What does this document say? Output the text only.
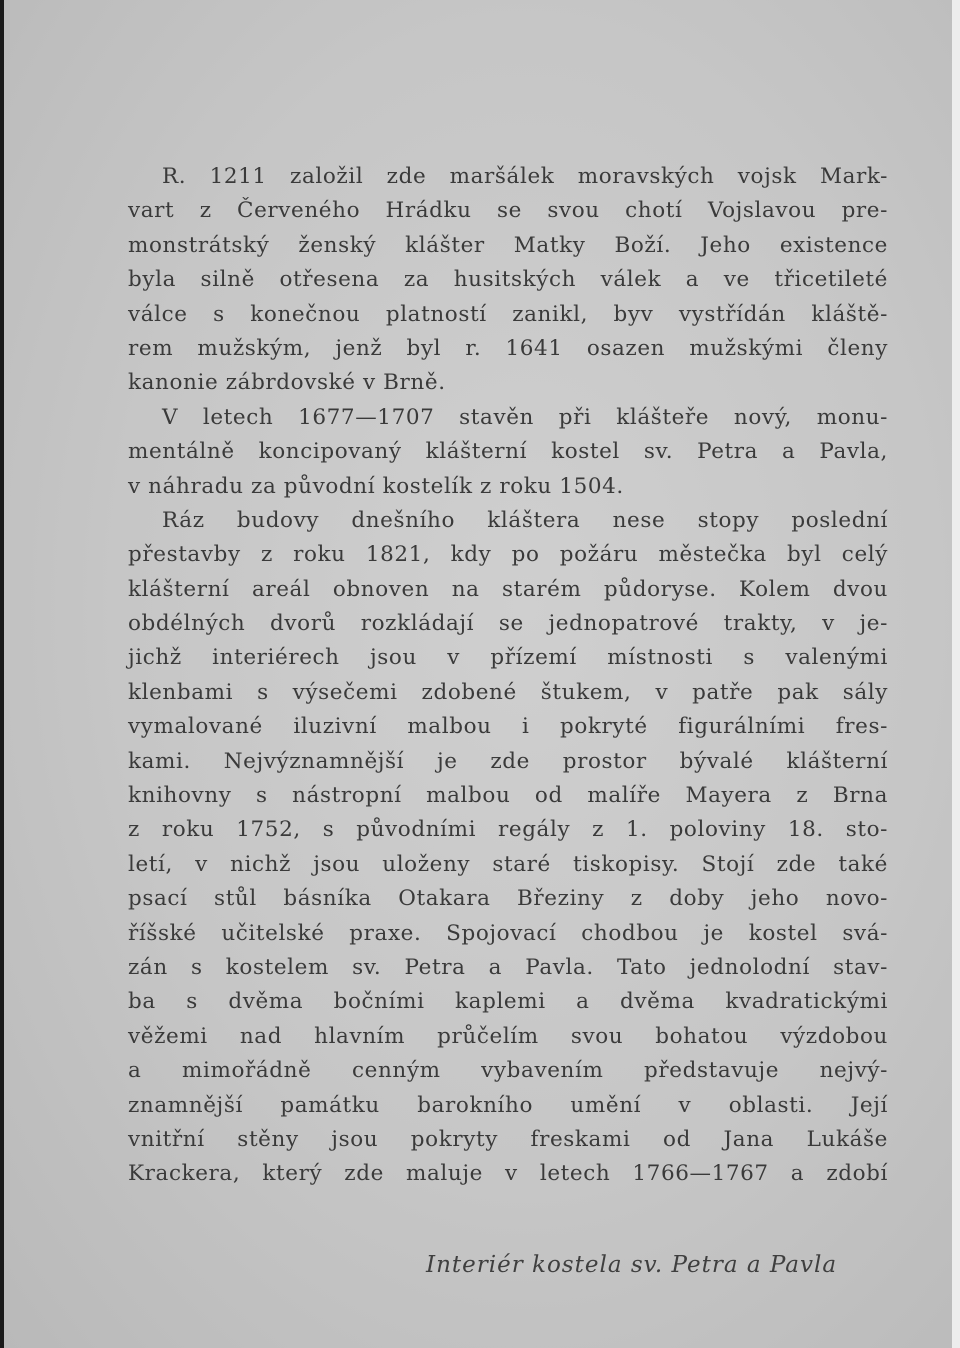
R. 1211 založil zde maršálek moravských vojsk Mark-
vart z Červeného Hrádku se svou chotí Vojslavou pre-
monstrátský ženský klášter Matky Boží. Jeho existence
byla silně otřesena za husitských válek a ve třicetileté
válce s konečnou platností zanikl, byv vystřídán kláště-
rem mužským, jenž byl r. 1641 osazen mužskými členy
kanonie zábrdovské v Brně.
V letech 1677—1707 stavěn při klášteře nový, monu-
mentálně koncipovaný klášterní kostel sv. Petra a Pavla,
v náhradu za původní kostelík z roku 1504.
Ráz budovy dnešního kláštera nese stopy poslední
přestavby z roku 1821, kdy po požáru městečka byl celý
klášterní areál obnoven na starém půdoryse. Kolem dvou
obdélných dvorů rozkládají se jednopatrové trakty, v je-
jichž interiérech jsou v přízemí místnosti s valenými
klenbami s výsečemi zdobené štukem, v patře pak sály
vymalované iluzivní malbou i pokryté figurálními fres-
kami. Nejvýznamnější je zde prostor bývalé klášterní
knihovny s nástropní malbou od malíře Mayera z Brna
z roku 1752, s původními regály z 1. poloviny 18. sto-
letí, v nichž jsou uloženy staré tiskopisy. Stojí zde také
psací stůl básníka Otakara Březiny z doby jeho novo-
říšské učitelské praxe. Spojovací chodbou je kostel svá-
zán s kostelem sv. Petra a Pavla. Tato jednolodní stav-
ba s dvěma bočními kaplemi a dvěma kvadratickými
věžemi nad hlavním průčelím svou bohatou výzdobou
a mimořádně cenným vybavením představuje nejvý-
znamnější památku barokního umění v oblasti. Její
vnitřní stěny jsou pokryty freskami od Jana Lukáše
Krackera, který zde maluje v letech 1766—1767 a zdobí
Interiér kostela sv. Petra a Pavla
